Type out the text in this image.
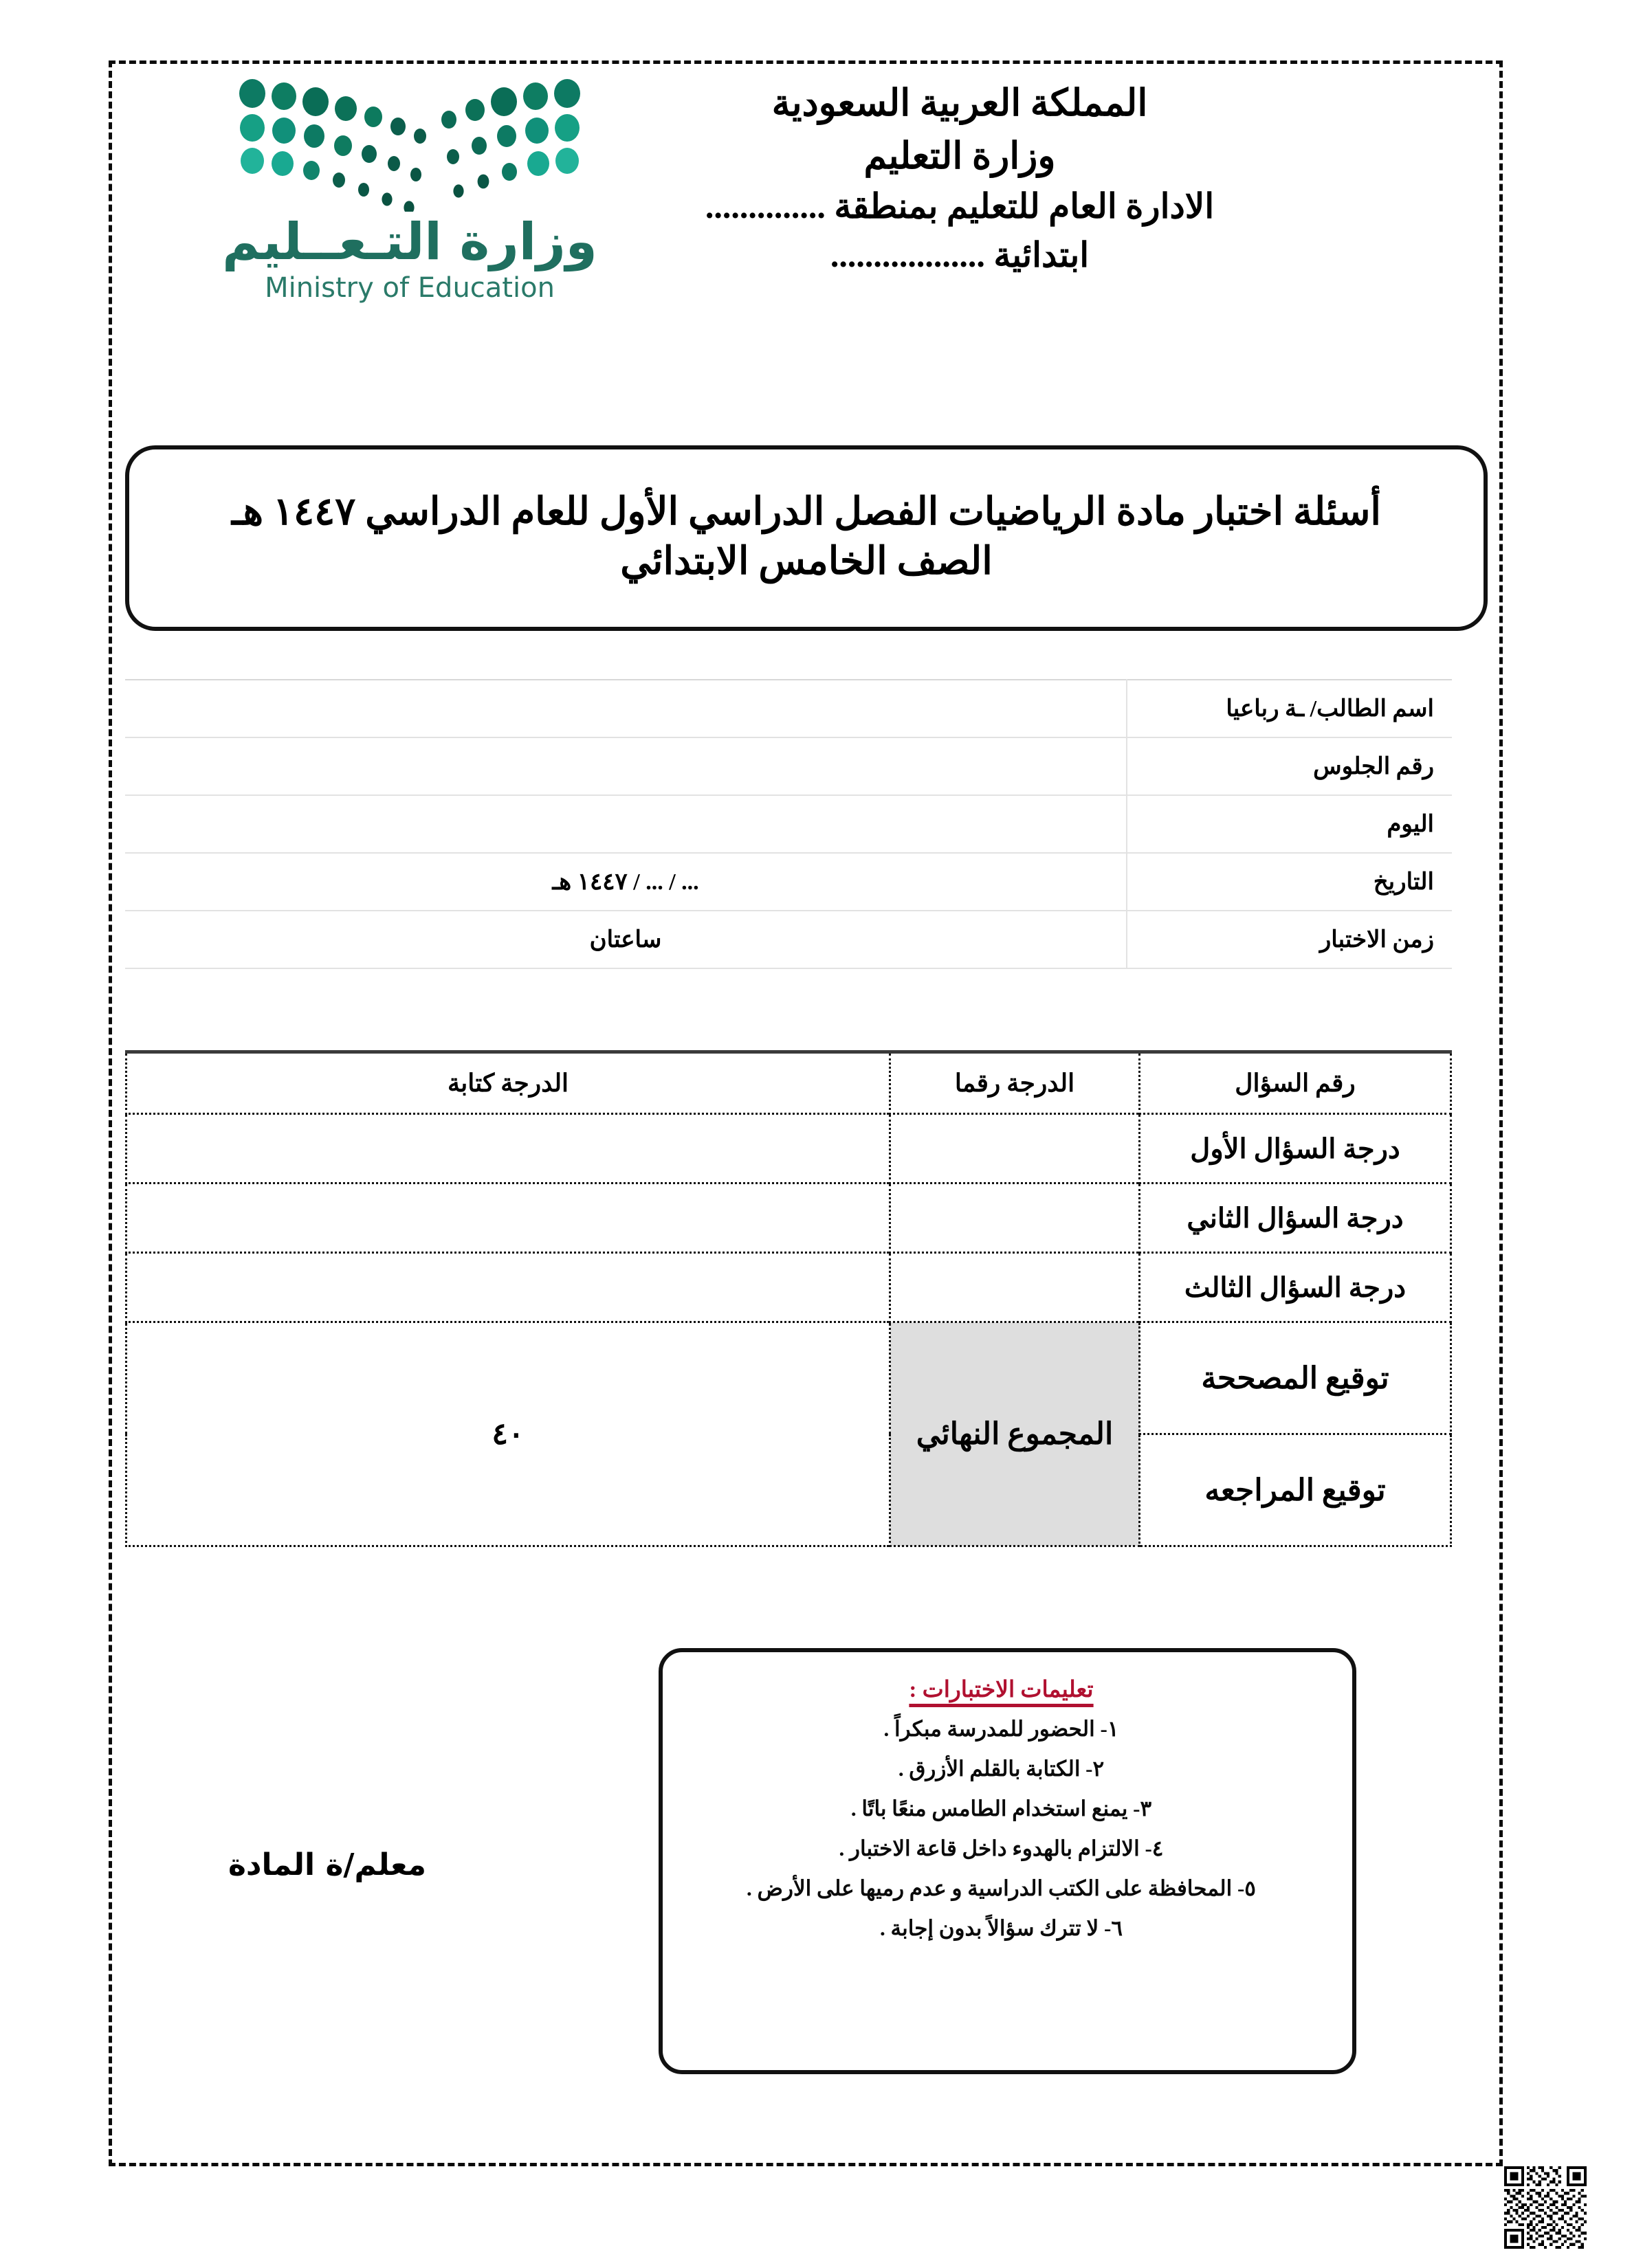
وزارة التـعــليم
Ministry of Education
المملكة العربية السعودية
وزارة التعليم
الادارة العام للتعليم بمنطقة ..............
ابتدائية ..................
أسئلة اختبار مادة الرياضيات الفصل الدراسي الأول للعام الدراسي ١٤٤٧ هـ
الصف الخامس الابتدائي
اسم الطالب/ ـة رباعيا	
رقم الجلوس	
اليوم	
التاريخ	... / ... / ١٤٤٧ هـ
زمن الاختبار	ساعتان
رقم السؤال	الدرجة رقما	الدرجة كتابة
درجة السؤال الأول		
درجة السؤال الثاني		
درجة السؤال الثالث		
توقيع المصححة	المجموع النهائي	٤٠
توقيع المراجعه		
معلم/ة المادة
تعليمات الاختبارات :
١- الحضور للمدرسة مبكراً .
٢- الكتابة بالقلم الأزرق .
٣- يمنع استخدام الطامس منعًا باتًا .
٤- الالتزام بالهدوء داخل قاعة الاختبار .
٥- المحافظة على الكتب الدراسية و عدم رميها على الأرض .
٦- لا تترك سؤالاً بدون إجابة .
